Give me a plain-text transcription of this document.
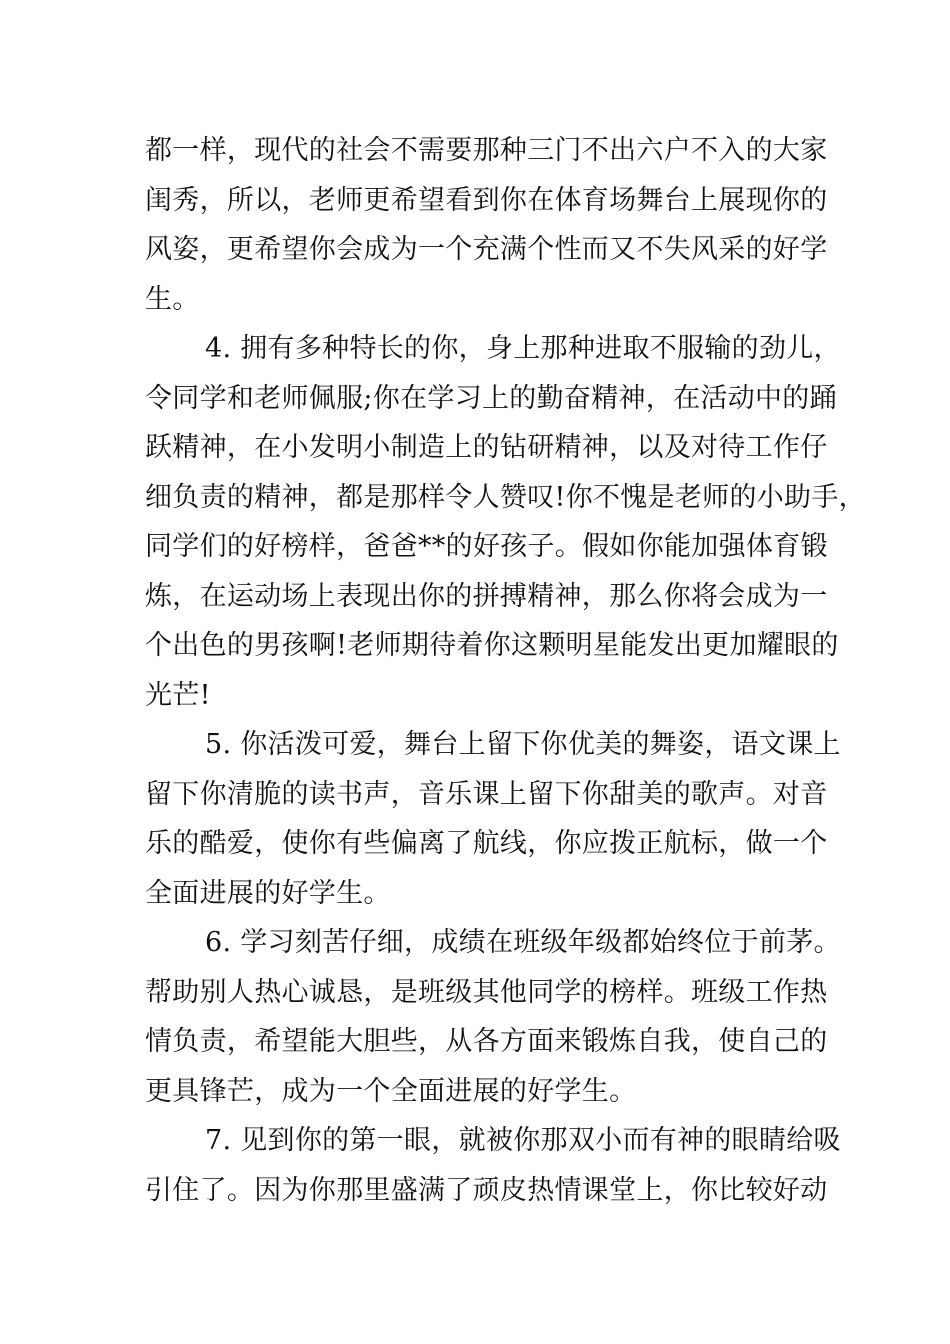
都一样，现代的社会不需要那种三门不出六户不入的大家
闺秀，所以，老师更希望看到你在体育场舞台上展现你的
风姿，更希望你会成为一个充满个性而又不失风采的好学
生。
4. 拥有多种特长的你，身上那种进取不服输的劲儿，
令同学和老师佩服;你在学习上的勤奋精神，在活动中的踊
跃精神，在小发明小制造上的钻研精神，以及对待工作仔
细负责的精神，都是那样令人赞叹!你不愧是老师的小助手，
同学们的好榜样，爸爸**的好孩子。假如你能加强体育锻
炼，在运动场上表现出你的拼搏精神，那么你将会成为一
个出色的男孩啊!老师期待着你这颗明星能发出更加耀眼的
光芒!
5. 你活泼可爱，舞台上留下你优美的舞姿，语文课上
留下你清脆的读书声，音乐课上留下你甜美的歌声。对音
乐的酷爱，使你有些偏离了航线，你应拨正航标，做一个
全面进展的好学生。
6. 学习刻苦仔细，成绩在班级年级都始终位于前茅。
帮助别人热心诚恳，是班级其他同学的榜样。班级工作热
情负责，希望能大胆些，从各方面来锻炼自我，使自己的
更具锋芒，成为一个全面进展的好学生。
7. 见到你的第一眼，就被你那双小而有神的眼睛给吸
引住了。因为你那里盛满了顽皮热情课堂上，你比较好动
